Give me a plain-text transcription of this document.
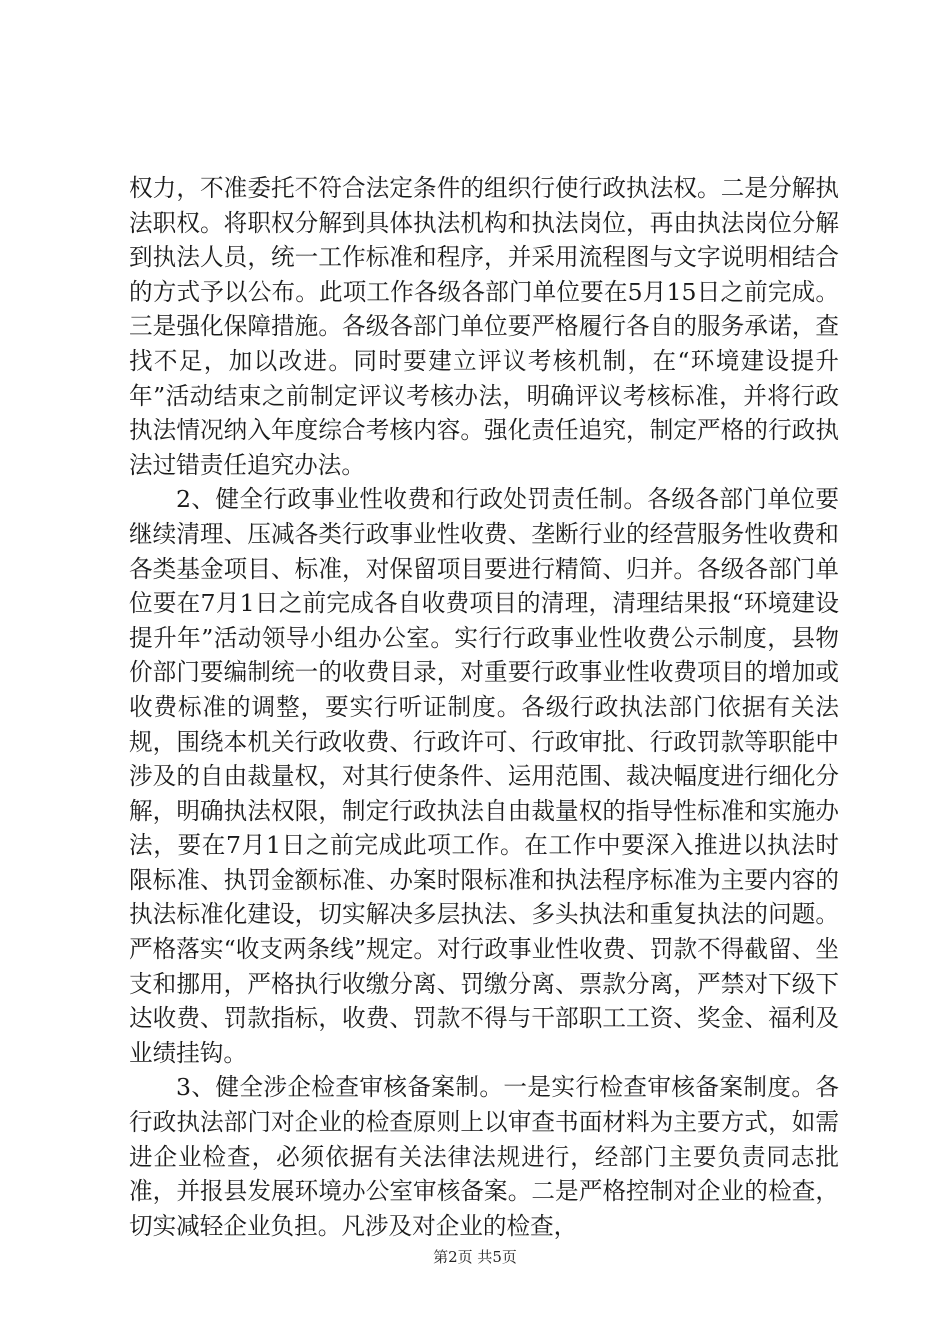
权力，不准委托不符合法定条件的组织行使行政执法权。二是分解执法职权。将职权分解到具体执法机构和执法岗位，再由执法岗位分解到执法人员，统一工作标准和程序，并采用流程图与文字说明相结合的方式予以公布。此项工作各级各部门单位要在5月15日之前完成。三是强化保障措施。各级各部门单位要严格履行各自的服务承诺，查找不足，加以改进。同时要建立评议考核机制，在“环境建设提升年”活动结束之前制定评议考核办法，明确评议考核标准，并将行政执法情况纳入年度综合考核内容。强化责任追究，制定严格的行政执法过错责任追究办法。

2、健全行政事业性收费和行政处罚责任制。各级各部门单位要继续清理、压减各类行政事业性收费、垄断行业的经营服务性收费和各类基金项目、标准，对保留项目要进行精简、归并。各级各部门单位要在7月1日之前完成各自收费项目的清理，清理结果报“环境建设提升年”活动领导小组办公室。实行行政事业性收费公示制度，县物价部门要编制统一的收费目录，对重要行政事业性收费项目的增加或收费标准的调整，要实行听证制度。各级行政执法部门依据有关法规，围绕本机关行政收费、行政许可、行政审批、行政罚款等职能中涉及的自由裁量权，对其行使条件、运用范围、裁决幅度进行细化分解，明确执法权限，制定行政执法自由裁量权的指导性标准和实施办法，要在7月1日之前完成此项工作。在工作中要深入推进以执法时限标准、执罚金额标准、办案时限标准和执法程序标准为主要内容的执法标准化建设，切实解决多层执法、多头执法和重复执法的问题。严格落实“收支两条线”规定。对行政事业性收费、罚款不得截留、坐支和挪用，严格执行收缴分离、罚缴分离、票款分离，严禁对下级下达收费、罚款指标，收费、罚款不得与干部职工工资、奖金、福利及业绩挂钩。

3、健全涉企检查审核备案制。一是实行检查审核备案制度。各行政执法部门对企业的检查原则上以审查书面材料为主要方式，如需进企业检查，必须依据有关法律法规进行，经部门主要负责同志批准，并报县发展环境办公室审核备案。二是严格控制对企业的检查，切实减轻企业负担。凡涉及对企业的检查，

第2页 共5页
